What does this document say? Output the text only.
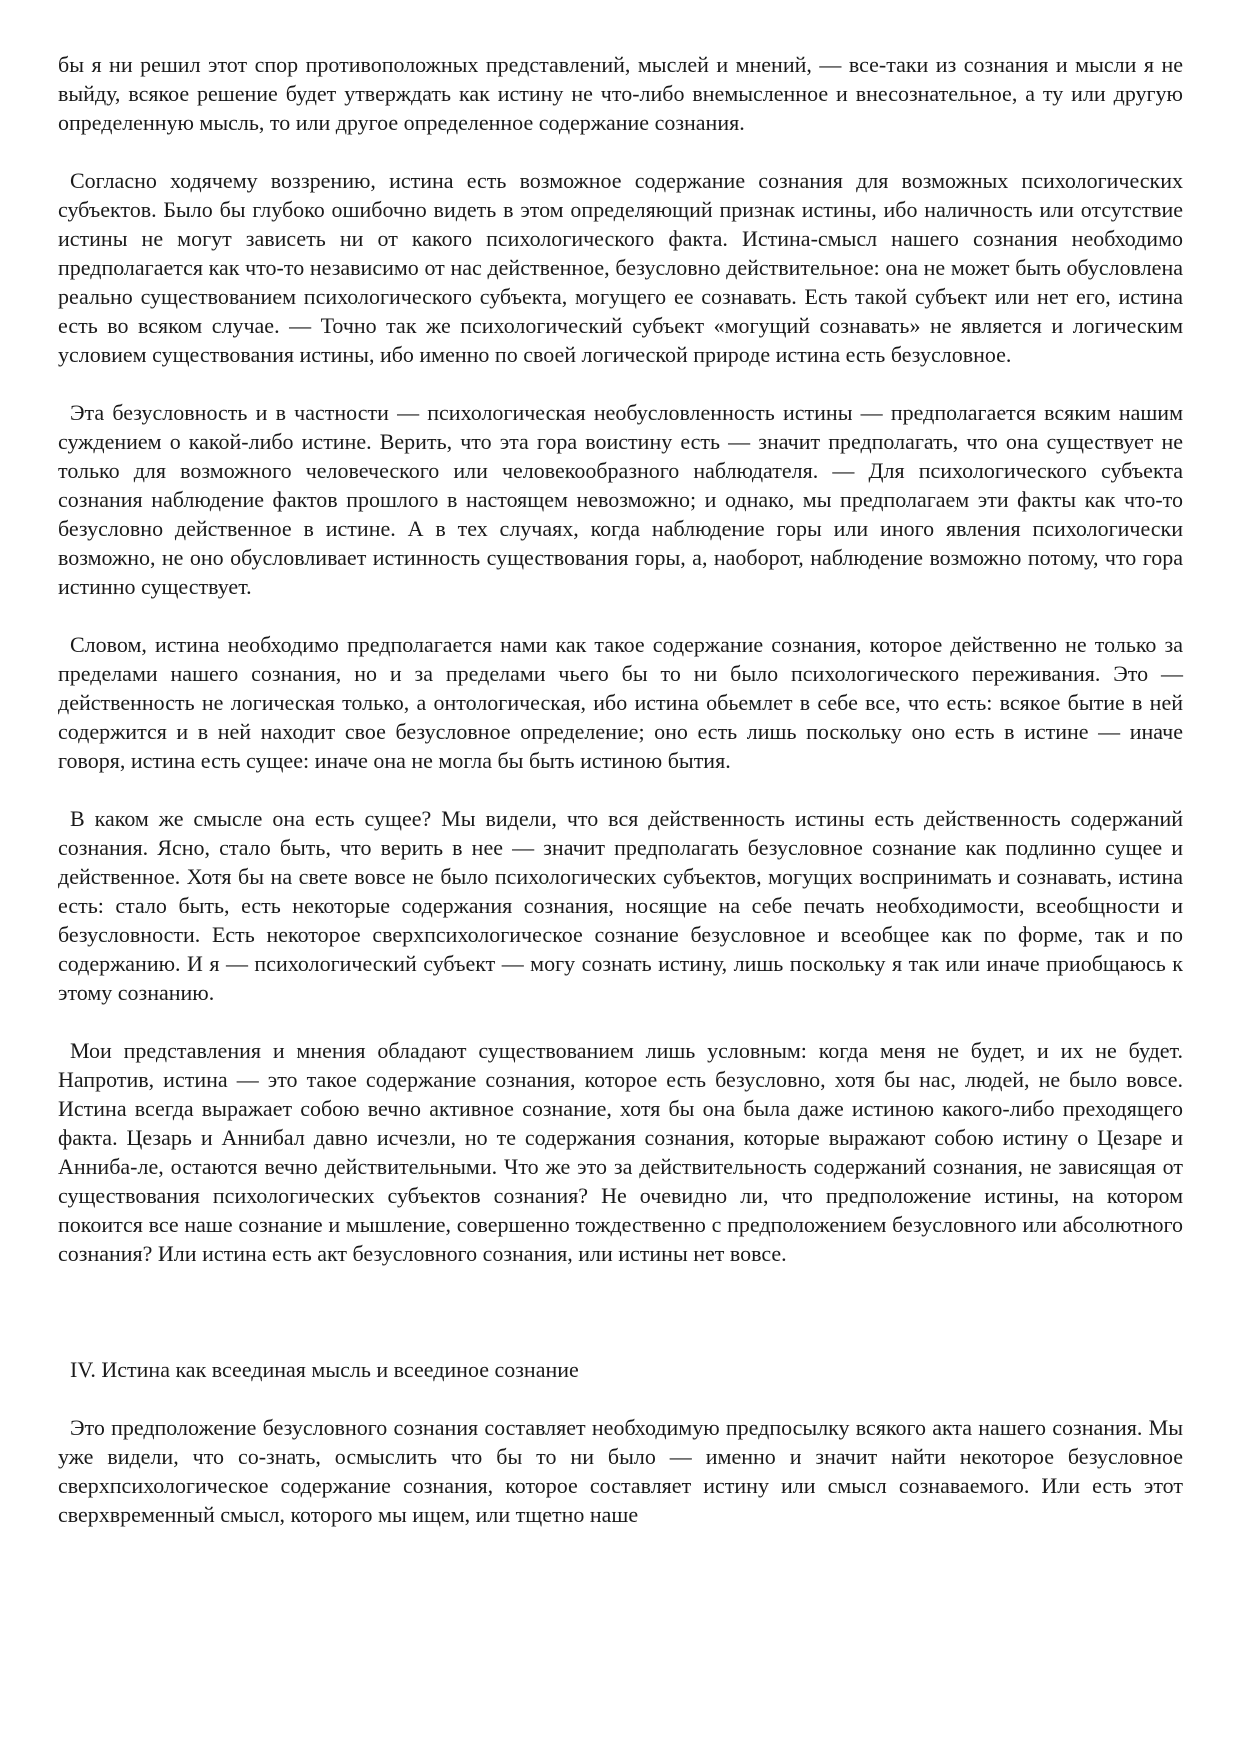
бы я ни решил этот спор противоположных представлений, мыслей и мнений, — все-таки из сознания и мысли я не выйду, всякое решение будет утверждать как истину не что-либо внемысленное и внесознательное, а ту или другую определенную мысль, то или другое определенное содержание сознания.

Согласно ходячему воззрению, истина есть возможное содержание сознания для возможных психологических субъектов. Было бы глубоко ошибочно видеть в этом определяющий признак истины, ибо наличность или отсутствие истины не могут зависеть ни от какого психологического факта. Истина-смысл нашего сознания необходимо предполагается как что-то независимо от нас действенное, безусловно действительное: она не может быть обусловлена реально существованием психологического субъекта, могущего ее сознавать. Есть такой субъект или нет его, истина есть во всяком случае. — Точно так же психологический субъект «могущий сознавать» не является и логическим условием существования истины, ибо именно по своей логической природе истина есть безусловное.

Эта безусловность и в частности — психологическая необусловленность истины — предполагается всяким нашим суждением о какой-либо истине. Верить, что эта гора воистину есть — значит предполагать, что она существует не только для возможного человеческого или человекообразного наблюдателя. — Для психологического субъекта сознания наблюдение фактов прошлого в настоящем невозможно; и однако, мы предполагаем эти факты как что-то безусловно действенное в истине. А в тех случаях, когда наблюдение горы или иного явления психологически возможно, не оно обусловливает истинность существования горы, а, наоборот, наблюдение возможно потому, что гора истинно существует.

Словом, истина необходимо предполагается нами как такое содержание сознания, которое действенно не только за пределами нашего сознания, но и за пределами чьего бы то ни было психологического переживания. Это — действенность не логическая только, а онтологическая, ибо истина обьемлет в себе все, что есть: всякое бытие в ней содержится и в ней находит свое безусловное определение; оно есть лишь поскольку оно есть в истине — иначе говоря, истина есть сущее: иначе она не могла бы быть истиною бытия.

В каком же смысле она есть сущее? Мы видели, что вся действенность истины есть действенность содержаний сознания. Ясно, стало быть, что верить в нее — значит предполагать безусловное сознание как подлинно сущее и действенное. Хотя бы на свете вовсе не было психологических субъектов, могущих воспринимать и сознавать, истина есть: стало быть, есть некоторые содержания сознания, носящие на себе печать необходимости, всеобщности и безусловности. Есть некоторое сверхпсихологическое сознание безусловное и всеобщее как по форме, так и по содержанию. И я — психологический субъект — могу сознать истину, лишь поскольку я так или иначе приобщаюсь к этому сознанию.

Мои представления и мнения обладают существованием лишь условным: когда меня не будет, и их не будет. Напротив, истина — это такое содержание сознания, которое есть безусловно, хотя бы нас, людей, не было вовсе. Истина всегда выражает собою вечно активное сознание, хотя бы она была даже истиною какого-либо преходящего факта. Цезарь и Аннибал давно исчезли, но те содержания сознания, которые выражают собою истину о Цезаре и Анниба-ле, остаются вечно действительными. Что же это за действительность содержаний сознания, не зависящая от существования психологических субъектов сознания? Не очевидно ли, что предположение истины, на котором покоится все наше сознание и мышление, совершенно тождественно с предположением безусловного или абсолютного сознания? Или истина есть акт безусловного сознания, или истины нет вовсе.

IV. Истина как всеединая мысль и всеединое сознание

Это предположение безусловного сознания составляет необходимую предпосылку всякого акта нашего сознания. Мы уже видели, что со-знать, осмыслить что бы то ни было — именно и значит найти некоторое безусловное сверхпсихологическое содержание сознания, которое составляет истину или смысл сознаваемого. Или есть этот сверхвременный смысл, которого мы ищем, или тщетно наше
